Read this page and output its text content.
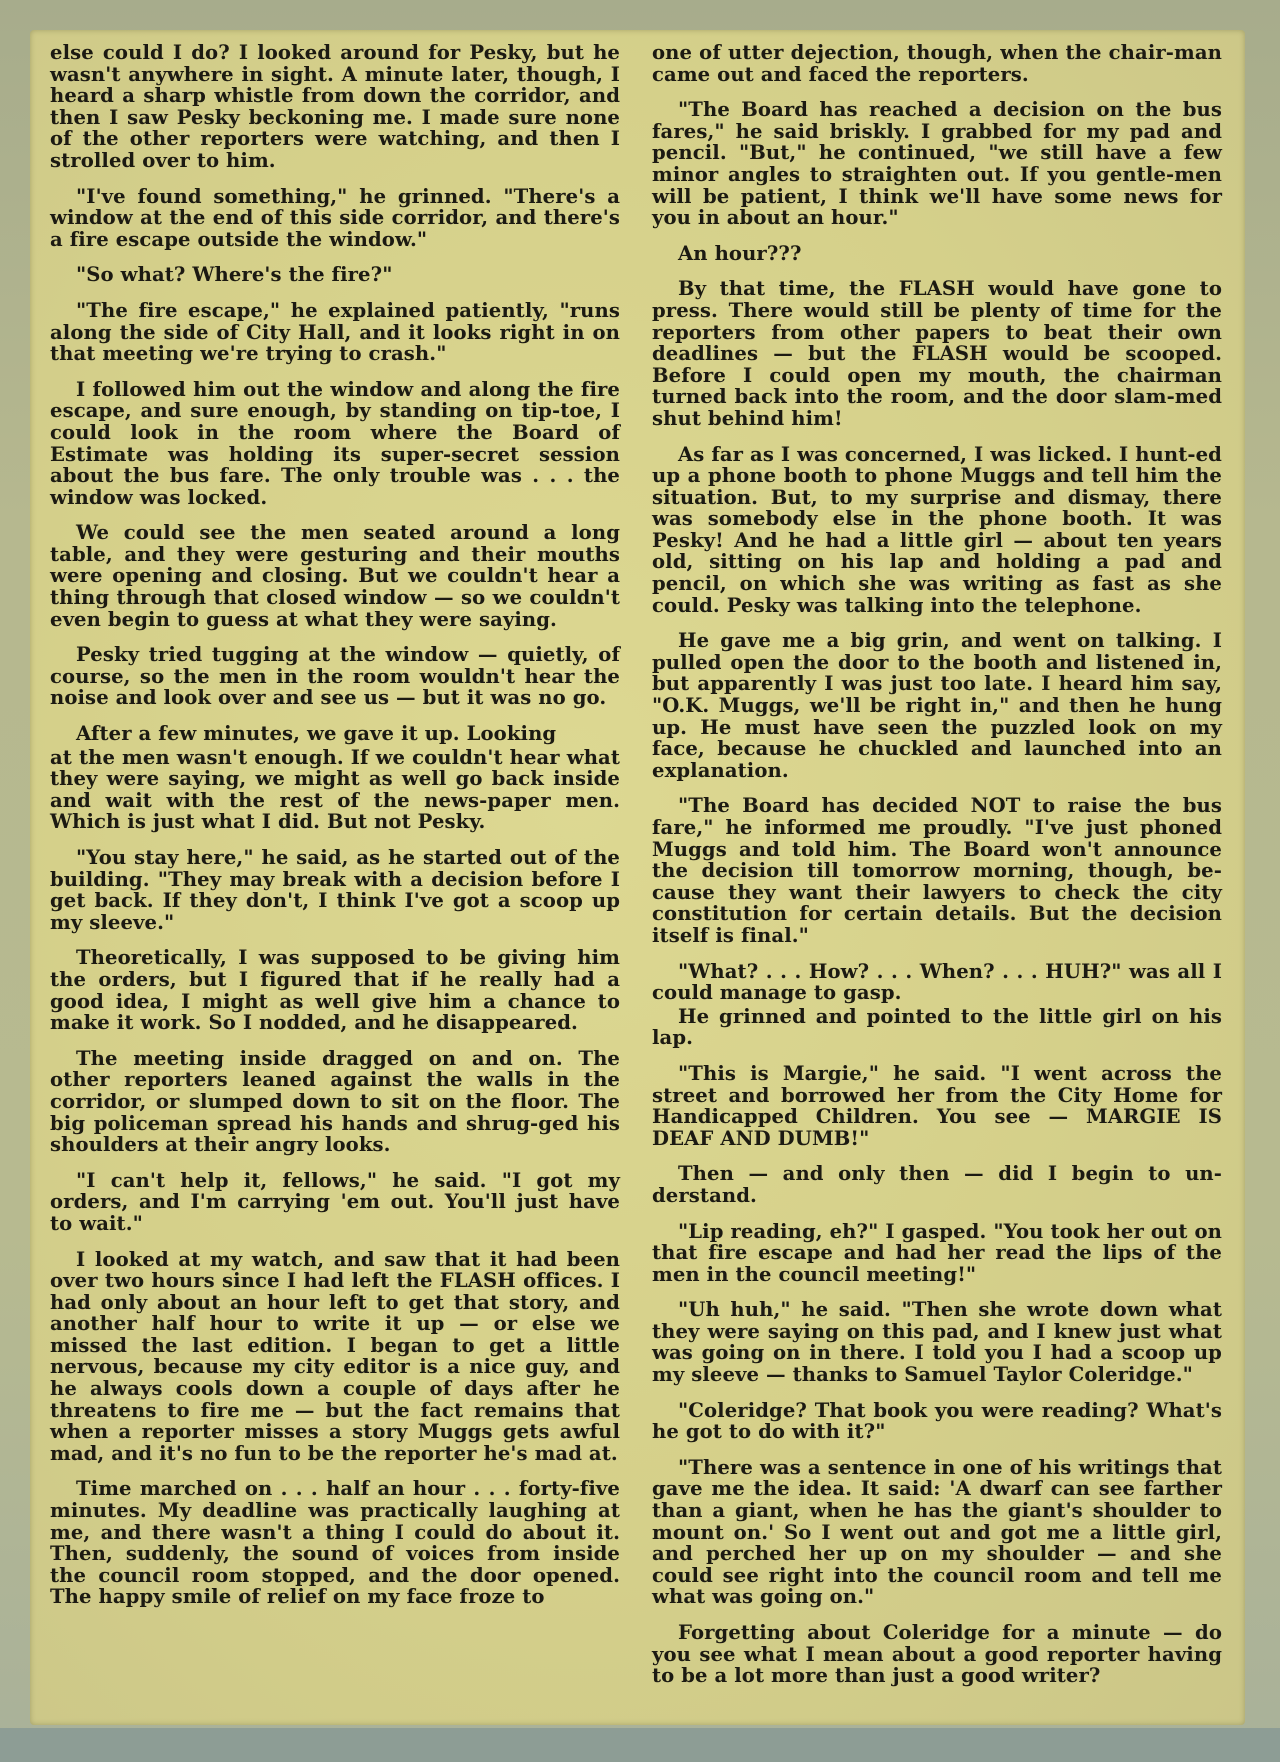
else could I do? I looked around for Pesky, but he wasn't anywhere in sight. A minute later, though, I heard a sharp whistle from down the corridor, and then I saw Pesky beckoning me. I made sure none of the other reporters were watching, and then I strolled over to him.

"I've found something," he grinned. "There's a window at the end of this side corridor, and there's a fire escape outside the window."

"So what? Where's the fire?"

"The fire escape," he explained patiently, "runs along the side of City Hall, and it looks right in on that meeting we're trying to crash."

I followed him out the window and along the fire escape, and sure enough, by standing on tip-toe, I could look in the room where the Board of Estimate was holding its super-secret session about the bus fare. The only trouble was . . . the window was locked.

We could see the men seated around a long table, and they were gesturing and their mouths were opening and closing. But we couldn't hear a thing through that closed window — so we couldn't even begin to guess at what they were saying.

Pesky tried tugging at the window — quietly, of course, so the men in the room wouldn't hear the noise and look over and see us — but it was no go.

After a few minutes, we gave it up. Looking

at the men wasn't enough. If we couldn't hear what they were saying, we might as well go back inside and wait with the rest of the news-paper men. Which is just what I did. But not Pesky.

"You stay here," he said, as he started out of the building. "They may break with a decision before I get back. If they don't, I think I've got a scoop up my sleeve."

Theoretically, I was supposed to be giving him the orders, but I figured that if he really had a good idea, I might as well give him a chance to make it work. So I nodded, and he disappeared.

The meeting inside dragged on and on. The other reporters leaned against the walls in the corridor, or slumped down to sit on the floor. The big policeman spread his hands and shrug-ged his shoulders at their angry looks.

"I can't help it, fellows," he said. "I got my orders, and I'm carrying 'em out. You'll just have to wait."

I looked at my watch, and saw that it had been over two hours since I had left the FLASH offices. I had only about an hour left to get that story, and another half hour to write it up — or else we missed the last edition. I began to get a little nervous, because my city editor is a nice guy, and he always cools down a couple of days after he threatens to fire me — but the fact remains that when a reporter misses a story Muggs gets awful mad, and it's no fun to be the reporter he's mad at.

Time marched on . . . half an hour . . . forty-five minutes. My deadline was practically laughing at me, and there wasn't a thing I could do about it. Then, suddenly, the sound of voices from inside the council room stopped, and the door opened. The happy smile of relief on my face froze to

one of utter dejection, though, when the chair-man came out and faced the reporters.

"The Board has reached a decision on the bus fares," he said briskly. I grabbed for my pad and pencil. "But," he continued, "we still have a few minor angles to straighten out. If you gentle-men will be patient, I think we'll have some news for you in about an hour."

An hour???

By that time, the FLASH would have gone to press. There would still be plenty of time for the reporters from other papers to beat their own deadlines — but the FLASH would be scooped. Before I could open my mouth, the chairman turned back into the room, and the door slam-med shut behind him!

As far as I was concerned, I was licked. I hunt-ed up a phone booth to phone Muggs and tell him the situation. But, to my surprise and dismay, there was somebody else in the phone booth. It was Pesky! And he had a little girl — about ten years old, sitting on his lap and holding a pad and pencil, on which she was writing as fast as she could. Pesky was talking into the telephone.

He gave me a big grin, and went on talking. I pulled open the door to the booth and listened in, but apparently I was just too late. I heard him say, "O.K. Muggs, we'll be right in," and then he hung up. He must have seen the puzzled look on my face, because he chuckled and launched into an explanation.

"The Board has decided NOT to raise the bus fare," he informed me proudly. "I've just phoned Muggs and told him. The Board won't announce the decision till tomorrow morning, though, be-cause they want their lawyers to check the city constitution for certain details. But the decision itself is final."

"What? . . . How? . . . When? . . . HUH?" was all I could manage to gasp.

He grinned and pointed to the little girl on his lap.

"This is Margie," he said. "I went across the street and borrowed her from the City Home for Handicapped Children. You see — MARGIE IS DEAF AND DUMB!"

Then — and only then — did I begin to un-derstand.

"Lip reading, eh?" I gasped. "You took her out on that fire escape and had her read the lips of the men in the council meeting!"

"Uh huh," he said. "Then she wrote down what they were saying on this pad, and I knew just what was going on in there. I told you I had a scoop up my sleeve — thanks to Samuel Taylor Coleridge."

"Coleridge? That book you were reading? What's he got to do with it?"

"There was a sentence in one of his writings that gave me the idea. It said: 'A dwarf can see farther than a giant, when he has the giant's shoulder to mount on.' So I went out and got me a little girl, and perched her up on my shoulder — and she could see right into the council room and tell me what was going on."

Forgetting about Coleridge for a minute — do you see what I mean about a good reporter having to be a lot more than just a good writer?
